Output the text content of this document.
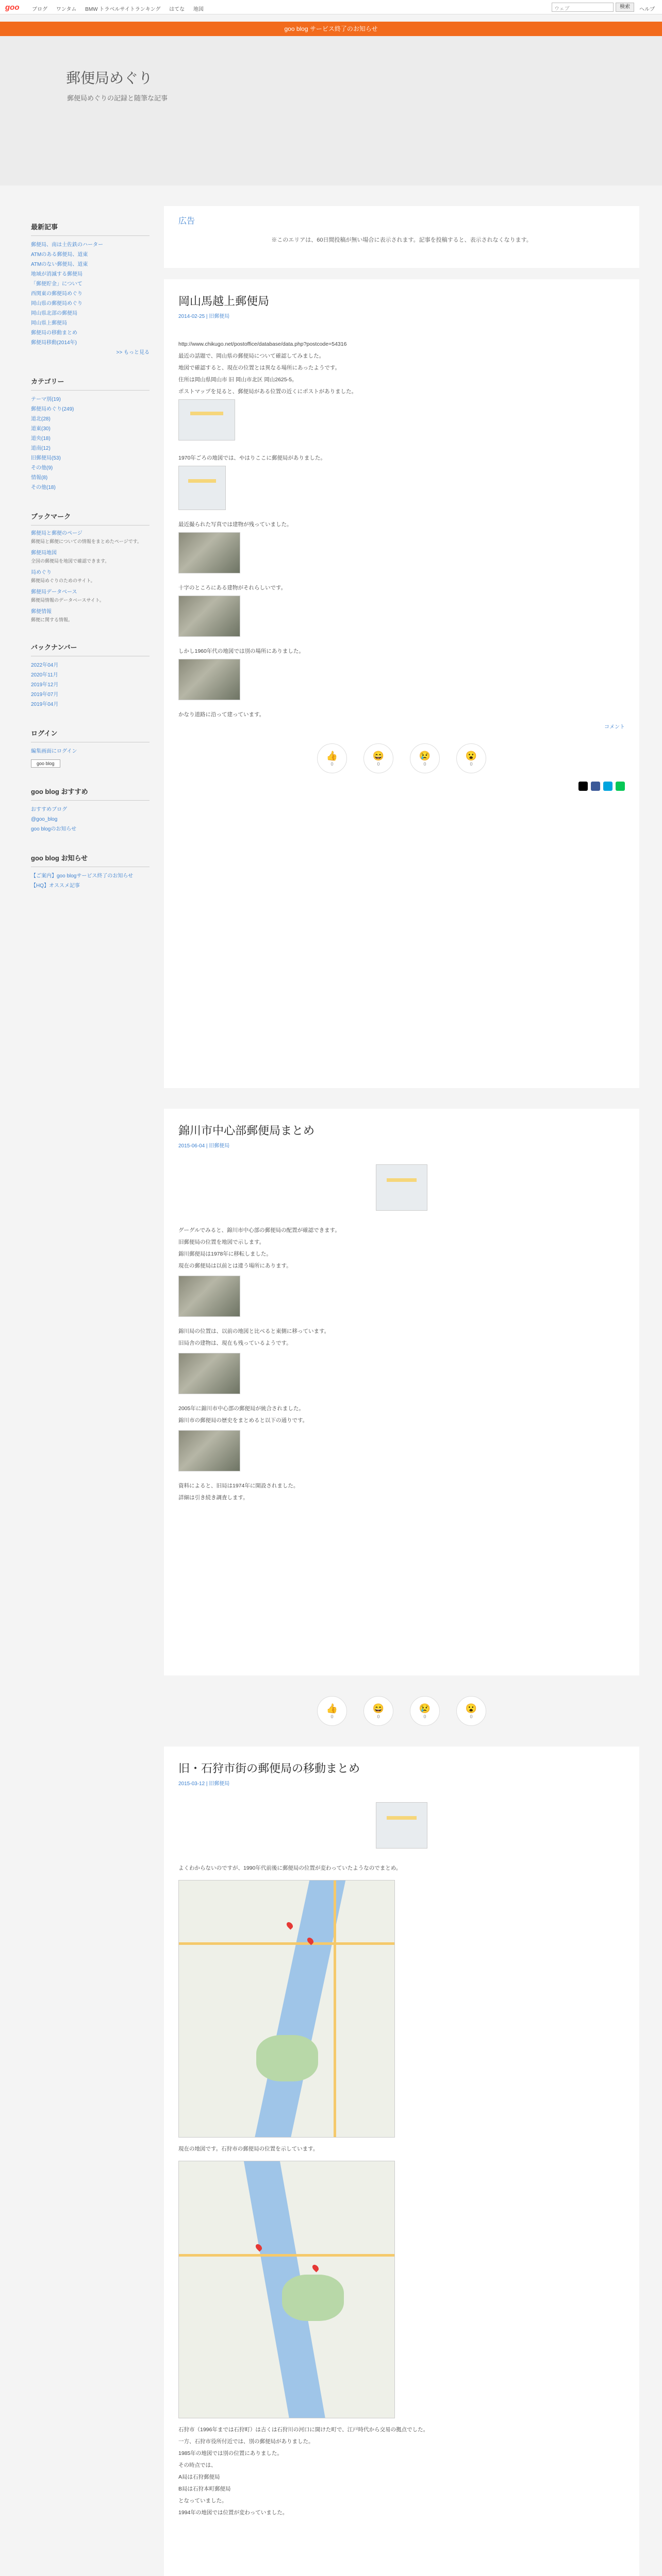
goo ブログ ワンタム BMW トラベルサイトランキング はてな 地図	ウェブ	検索	ヘルプ
goo blog サービス終了のお知らせ
郵便局めぐり
郵便局めぐりの記録と随筆な記事
最新記事
郵便局、南は土佐鉄のハーター
ATMのある郵便局、道東
ATMのない郵便局、道東
地域が消滅する郵便局
「郵便貯金」について
西関東の郵便局めぐり
岡山県の郵便局めぐり
岡山県北部の郵便局
岡山県上郵便局
郵便局の移動まとめ
郵便局移動(2014年)
>> もっと見る
カテゴリー
テーマ別(19)
郵便局めぐり(249)
道北(28)
道東(30)
道央(18)
道南(12)
旧郵便局(53)
その他(9)
情報(8)
その他(18)
ブックマーク
郵便局と郵便のページ
郵便局と郵便についての情報をまとめたページです。
郵便局地図
全国の郵便局を地図で確認できます。
局めぐり
郵便局めぐりのためのサイト。
郵便局データベース
郵便局情報のデータベースサイト。
郵便情報
郵便に関する情報。
バックナンバー
2022年04月
2020年11月
2019年12月
2019年07月
2019年04月
ログイン
編集画面にログイン
goo blog
goo blog おすすめ
おすすめブログ
@goo_blog
goo blogのお知らせ
goo blog お知らせ
【ご案内】goo blogサービス終了のお知らせ
【HQ】オススメ記事
広告
※このエリアは、60日間投稿が無い場合に表示されます。記事を投稿すると、表示されなくなります。
岡山馬越上郵便局
2014-02-25 | 旧郵便局

http://www.chikugo.net/postoffice/database/data.php?postcode=54316

最近の話題で、岡山県の郵便局について確認してみました。

地図で確認すると、現在の位置とは異なる場所にあったようです。

住所は岡山県岡山市 旧 岡山市北区 岡山2625-5。

ポストマップを見ると、郵便局がある位置の近くにポストがありました。

1970年ごろの地図では、やはりここに郵便局がありました。

最近撮られた写真では建物が残っていました。

十字のところにある建物がそれらしいです。

しかし1960年代の地図では別の場所にありました。

かなり道路に沿って建っています。

コメント
👍
0
😄
0
😢
0
😮
0
錦川市中心部郵便局まとめ
2015-06-04 | 旧郵便局

グーグルでみると、錦川市中心部の郵便局の配置が確認できます。

旧郵便局の位置を地図で示します。

錦川郵便局は1978年に移転しました。

現在の郵便局は以前とは違う場所にあります。

錦川局の位置は、以前の地図と比べると東側に移っています。

旧局舎の建物は、現在も残っているようです。

2005年に錦川市中心部の郵便局が統合されました。

錦川市の郵便局の歴史をまとめると以下の通りです。

資料によると、旧局は1974年に開設されました。

詳細は引き続き調査します。

👍
0
😄
0
😢
0
😮
0
旧・石狩市街の郵便局の移動まとめ
2015-03-12 | 旧郵便局

よくわからないのですが、1990年代前後に郵便局の位置が変わっていたようなのでまとめ。

現在の地図です。石狩市の郵便局の位置を示しています。

石狩市（1996年までは石狩町）は古くは石狩川の河口に開けた町で、江戸時代から交易の拠点でした。

一方、石狩市役所付近では、別の郵便局がありました。

1985年の地図では別の位置にありました。

その時点では、

A局は石狩郵便局

B局は石狩本町郵便局

となっていました。

1994年の地図では位置が変わっていました。
